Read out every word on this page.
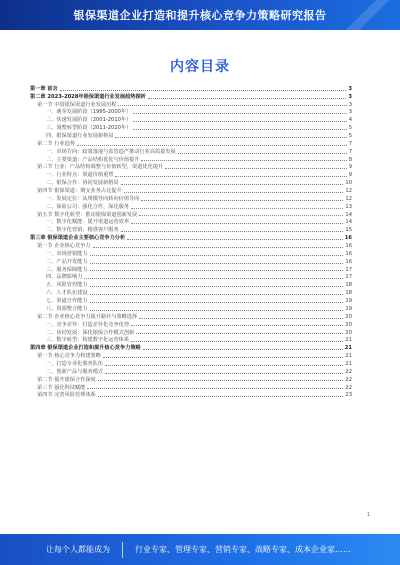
银保渠道企业打造和提升核心竞争力策略研究报告
内容目录
第一章 前言	3
第二章 2023-2028年银保渠道行业发展趋势探析	3
第一节 中国银保渠道行业发展历程	3
一、萌芽发展阶段（1995-2000年）	3
二、快速发展阶段（2001-2010年）	4
三、调整转型阶段（2011-2020年）	5
四、银保渠道行业发展新格局	5
第二节 行业趋势	7
一、市场方向：政策落地与监管趋严推动行业高质量发展	7
二、主要渠道：产品结构优化与价值提升	8
第三节 行业：产品结构调整与价值转型，渠道优化提升	9
一、行业特点：渠道价值重塑	9
二、银保合作：协同发展新格局	10
第四节 银保渠道：期交业务占比提升	12
一、发展定位：从规模导向转向价值导向	12
二、保险公司：强化合作，深化服务	13
第五节 数字化转型：推动银保渠道创新发展	14
一、数字化赋能：提升渠道运营效率	14
二、数字化营销：精准客户服务	15
第三章 银保渠道企业主要核心竞争力分析	16
第一节 企业核心竞争力	16
一、市场营销能力	16
二、产品开发能力	16
三、服务保障能力	17
四、品牌影响力	17
五、风险管控能力	18
六、人才队伍建设	18
七、渠道合作能力	19
八、资源整合能力	19
第二节 企业核心竞争力提升路径与策略选择	20
一、竞争差异：打造差异化竞争优势	20
二、协同发展：深化银保合作模式创新	20
三、数字转型：构建数字化运营体系	21
第四章 银保渠道企业打造和提升核心竞争力策略	21
第一节 核心竞争力构建策略	21
一、打造专业化服务队伍	21
二、创新产品与服务模式	22
第二节 提升银保合作深度	22
第三节 强化科技赋能	22
第四节 完善风险管理体系	23
1
让每个人都能成为	行业专家、管理专家、营销专家、战略专家、成本企业家……
